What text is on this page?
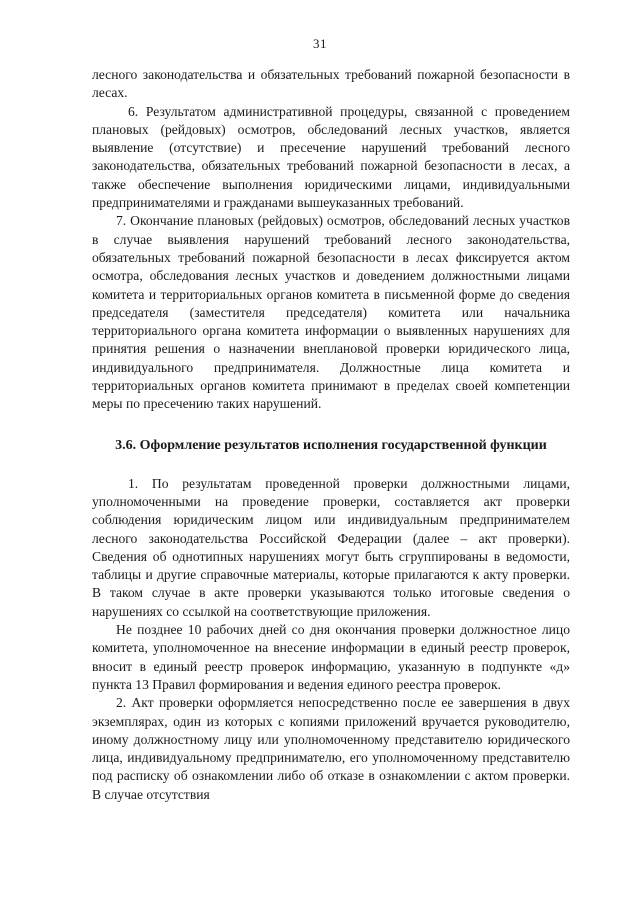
31

лесного законодательства и обязательных требований пожарной безопасности в лесах.

6. Результатом административной процедуры, связанной с проведением плановых (рейдовых) осмотров, обследований лесных участков, является выявление (отсутствие) и пресечение нарушений требований лесного законодательства, обязательных требований пожарной безопасности в лесах, а также обеспечение выполнения юридическими лицами, индивидуальными предпринимателями и гражданами вышеуказанных требований.

7. Окончание плановых (рейдовых) осмотров, обследований лесных участков в случае выявления нарушений требований лесного законодательства, обязательных требований пожарной безопасности в лесах фиксируется актом осмотра, обследования лесных участков и доведением должностными лицами комитета и территориальных органов комитета в письменной форме до сведения председателя (заместителя председателя) комитета или начальника территориального органа комитета информации о выявленных нарушениях для принятия решения о назначении внеплановой проверки юридического лица, индивидуального предпринимателя. Должностные лица комитета и территориальных органов комитета принимают в пределах своей компетенции меры по пресечению таких нарушений.

3.6. Оформление результатов исполнения государственной функции

1. По результатам проведенной проверки должностными лицами, уполномоченными на проведение проверки, составляется акт проверки соблюдения юридическим лицом или индивидуальным предпринимателем лесного законодательства Российской Федерации (далее – акт проверки). Сведения об однотипных нарушениях могут быть сгруппированы в ведомости, таблицы и другие справочные материалы, которые прилагаются к акту проверки. В таком случае в акте проверки указываются только итоговые сведения о нарушениях со ссылкой на соответствующие приложения.

Не позднее 10 рабочих дней со дня окончания проверки должностное лицо комитета, уполномоченное на внесение информации в единый реестр проверок, вносит в единый реестр проверок информацию, указанную в подпункте «д» пункта 13 Правил формирования и ведения единого реестра проверок.

2. Акт проверки оформляется непосредственно после ее завершения в двух экземплярах, один из которых с копиями приложений вручается руководителю, иному должностному лицу или уполномоченному представителю юридического лица, индивидуальному предпринимателю, его уполномоченному представителю под расписку об ознакомлении либо об отказе в ознакомлении с актом проверки. В случае отсутствия
